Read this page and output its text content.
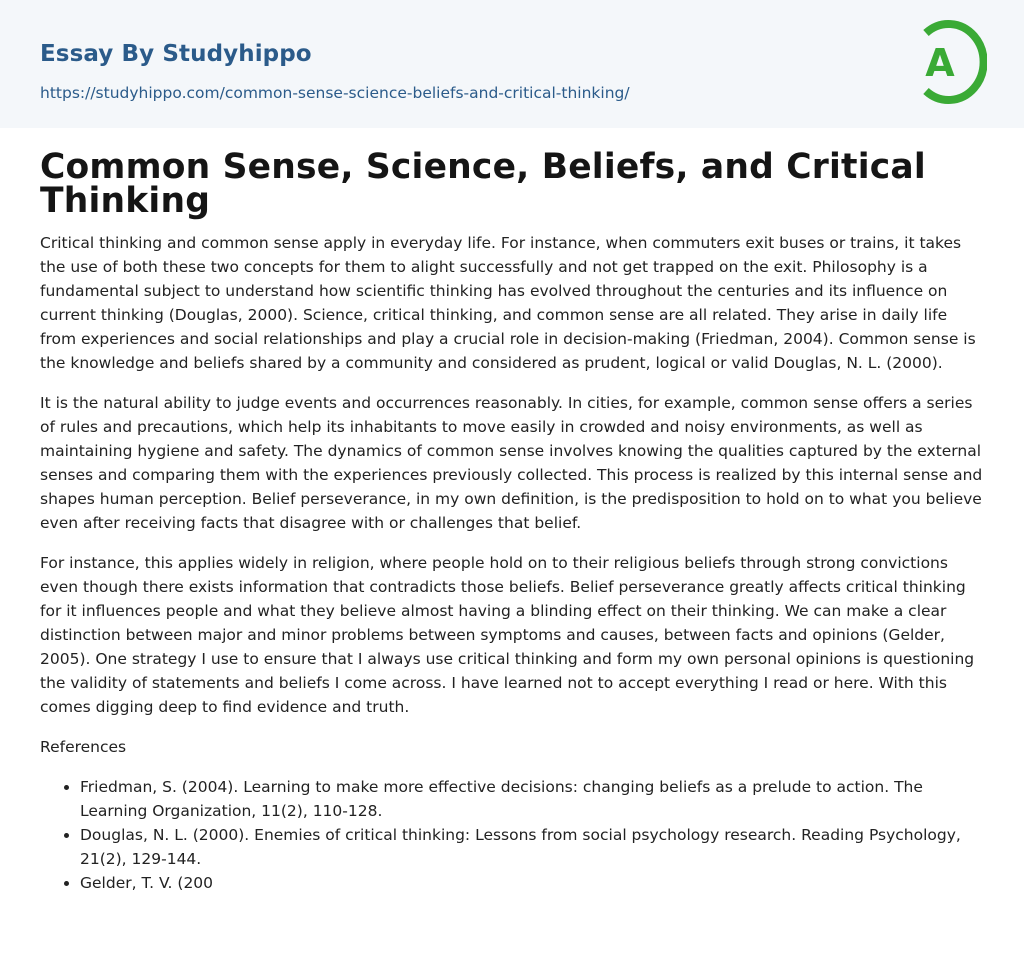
Essay By Studyhippo
https://studyhippo.com/common-sense-science-beliefs-and-critical-thinking/
A
Common Sense, Science, Beliefs, and Critical Thinking

Critical thinking and common sense apply in everyday life. For instance, when commuters exit buses or trains, it takes the use of both these two concepts for them to alight successfully and not get trapped on the exit. Philosophy is a fundamental subject to understand how scientific thinking has evolved throughout the centuries and its influence on current thinking (Douglas, 2000). Science, critical thinking, and common sense are all related. They arise in daily life from experiences and social relationships and play a crucial role in decision-making (Friedman, 2004). Common sense is the knowledge and beliefs shared by a community and considered as prudent, logical or valid Douglas, N. L. (2000).

It is the natural ability to judge events and occurrences reasonably. In cities, for example, common sense offers a series of rules and precautions, which help its inhabitants to move easily in crowded and noisy environments, as well as maintaining hygiene and safety. The dynamics of common sense involves knowing the qualities captured by the external senses and comparing them with the experiences previously collected. This process is realized by this internal sense and shapes human perception. Belief perseverance, in my own definition, is the predisposition to hold on to what you believe even after receiving facts that disagree with or challenges that belief.

For instance, this applies widely in religion, where people hold on to their religious beliefs through strong convictions even though there exists information that contradicts those beliefs. Belief perseverance greatly affects critical thinking for it influences people and what they believe almost having a blinding effect on their thinking. We can make a clear distinction between major and minor problems between symptoms and causes, between facts and opinions (Gelder, 2005). One strategy I use to ensure that I always use critical thinking and form my own personal opinions is questioning the validity of statements and beliefs I come across. I have learned not to accept everything I read or here. With this comes digging deep to find evidence and truth.

References

• Friedman, S. (2004). Learning to make more effective decisions: changing beliefs as a prelude to action. The Learning Organization, 11(2), 110-128.
• Douglas, N. L. (2000). Enemies of critical thinking: Lessons from social psychology research. Reading Psychology, 21(2), 129-144.
• Gelder, T. V. (200
